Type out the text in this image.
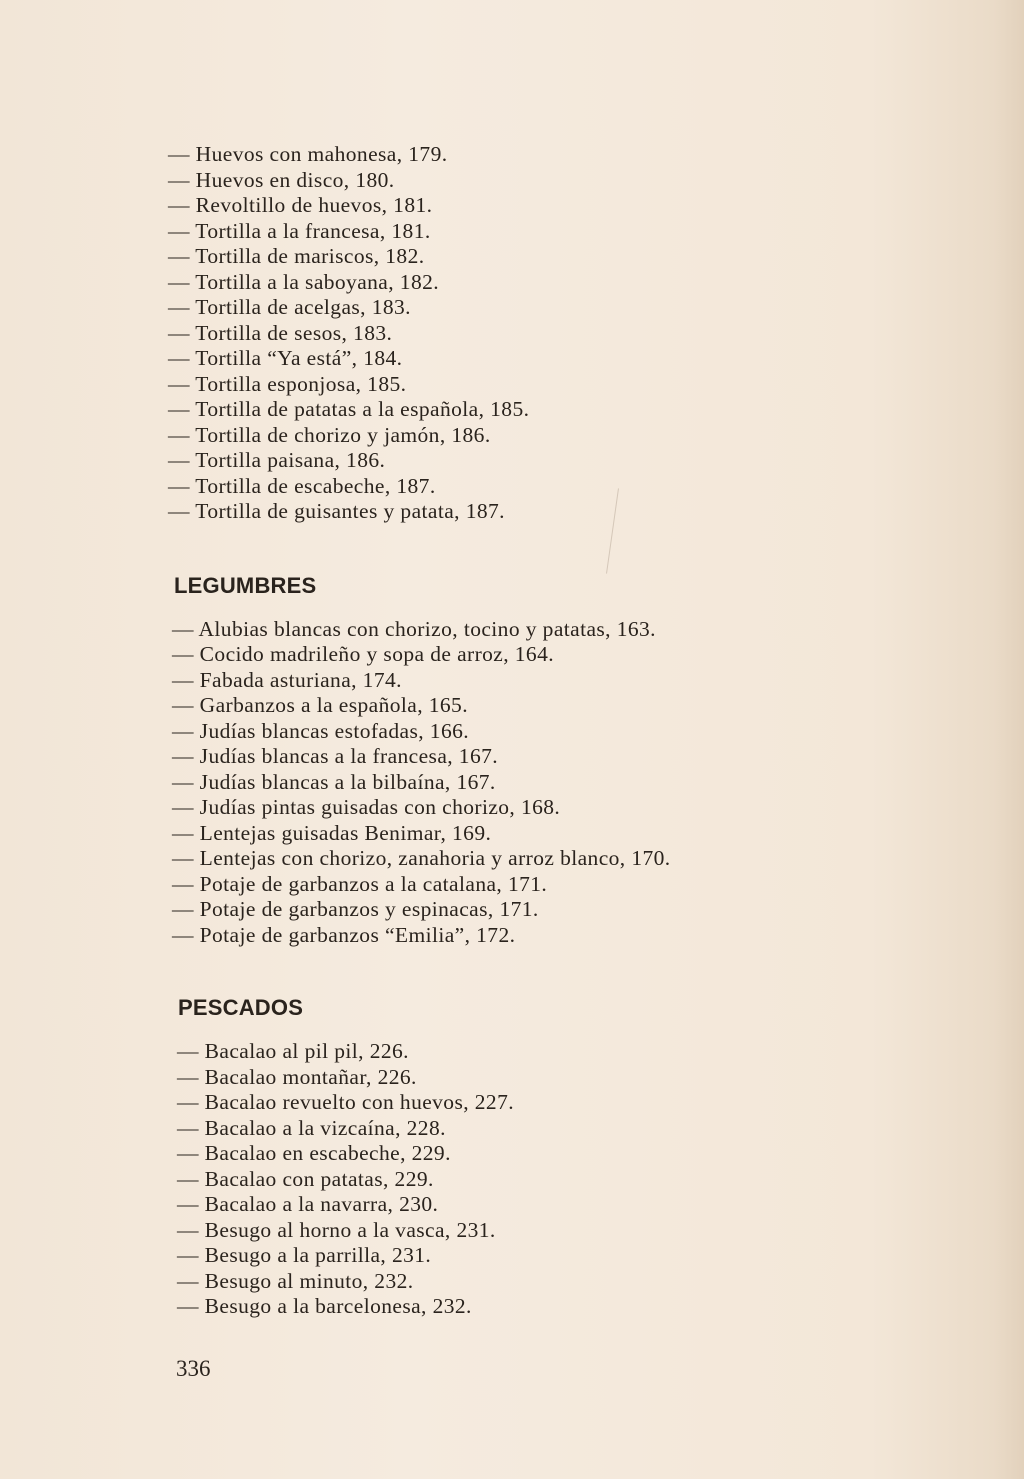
— Huevos con mahonesa, 179.
— Huevos en disco, 180.
— Revoltillo de huevos, 181.
— Tortilla a la francesa, 181.
— Tortilla de mariscos, 182.
— Tortilla a la saboyana, 182.
— Tortilla de acelgas, 183.
— Tortilla de sesos, 183.
— Tortilla “Ya está”, 184.
— Tortilla esponjosa, 185.
— Tortilla de patatas a la española, 185.
— Tortilla de chorizo y jamón, 186.
— Tortilla paisana, 186.
— Tortilla de escabeche, 187.
— Tortilla de guisantes y patata, 187.
LEGUMBRES
— Alubias blancas con chorizo, tocino y patatas, 163.
— Cocido madrileño y sopa de arroz, 164.
— Fabada asturiana, 174.
— Garbanzos a la española, 165.
— Judías blancas estofadas, 166.
— Judías blancas a la francesa, 167.
— Judías blancas a la bilbaína, 167.
— Judías pintas guisadas con chorizo, 168.
— Lentejas guisadas Benimar, 169.
— Lentejas con chorizo, zanahoria y arroz blanco, 170.
— Potaje de garbanzos a la catalana, 171.
— Potaje de garbanzos y espinacas, 171.
— Potaje de garbanzos “Emilia”, 172.
PESCADOS
— Bacalao al pil pil, 226.
— Bacalao montañar, 226.
— Bacalao revuelto con huevos, 227.
— Bacalao a la vizcaína, 228.
— Bacalao en escabeche, 229.
— Bacalao con patatas, 229.
— Bacalao a la navarra, 230.
— Besugo al horno a la vasca, 231.
— Besugo a la parrilla, 231.
— Besugo al minuto, 232.
— Besugo a la barcelonesa, 232.
336
